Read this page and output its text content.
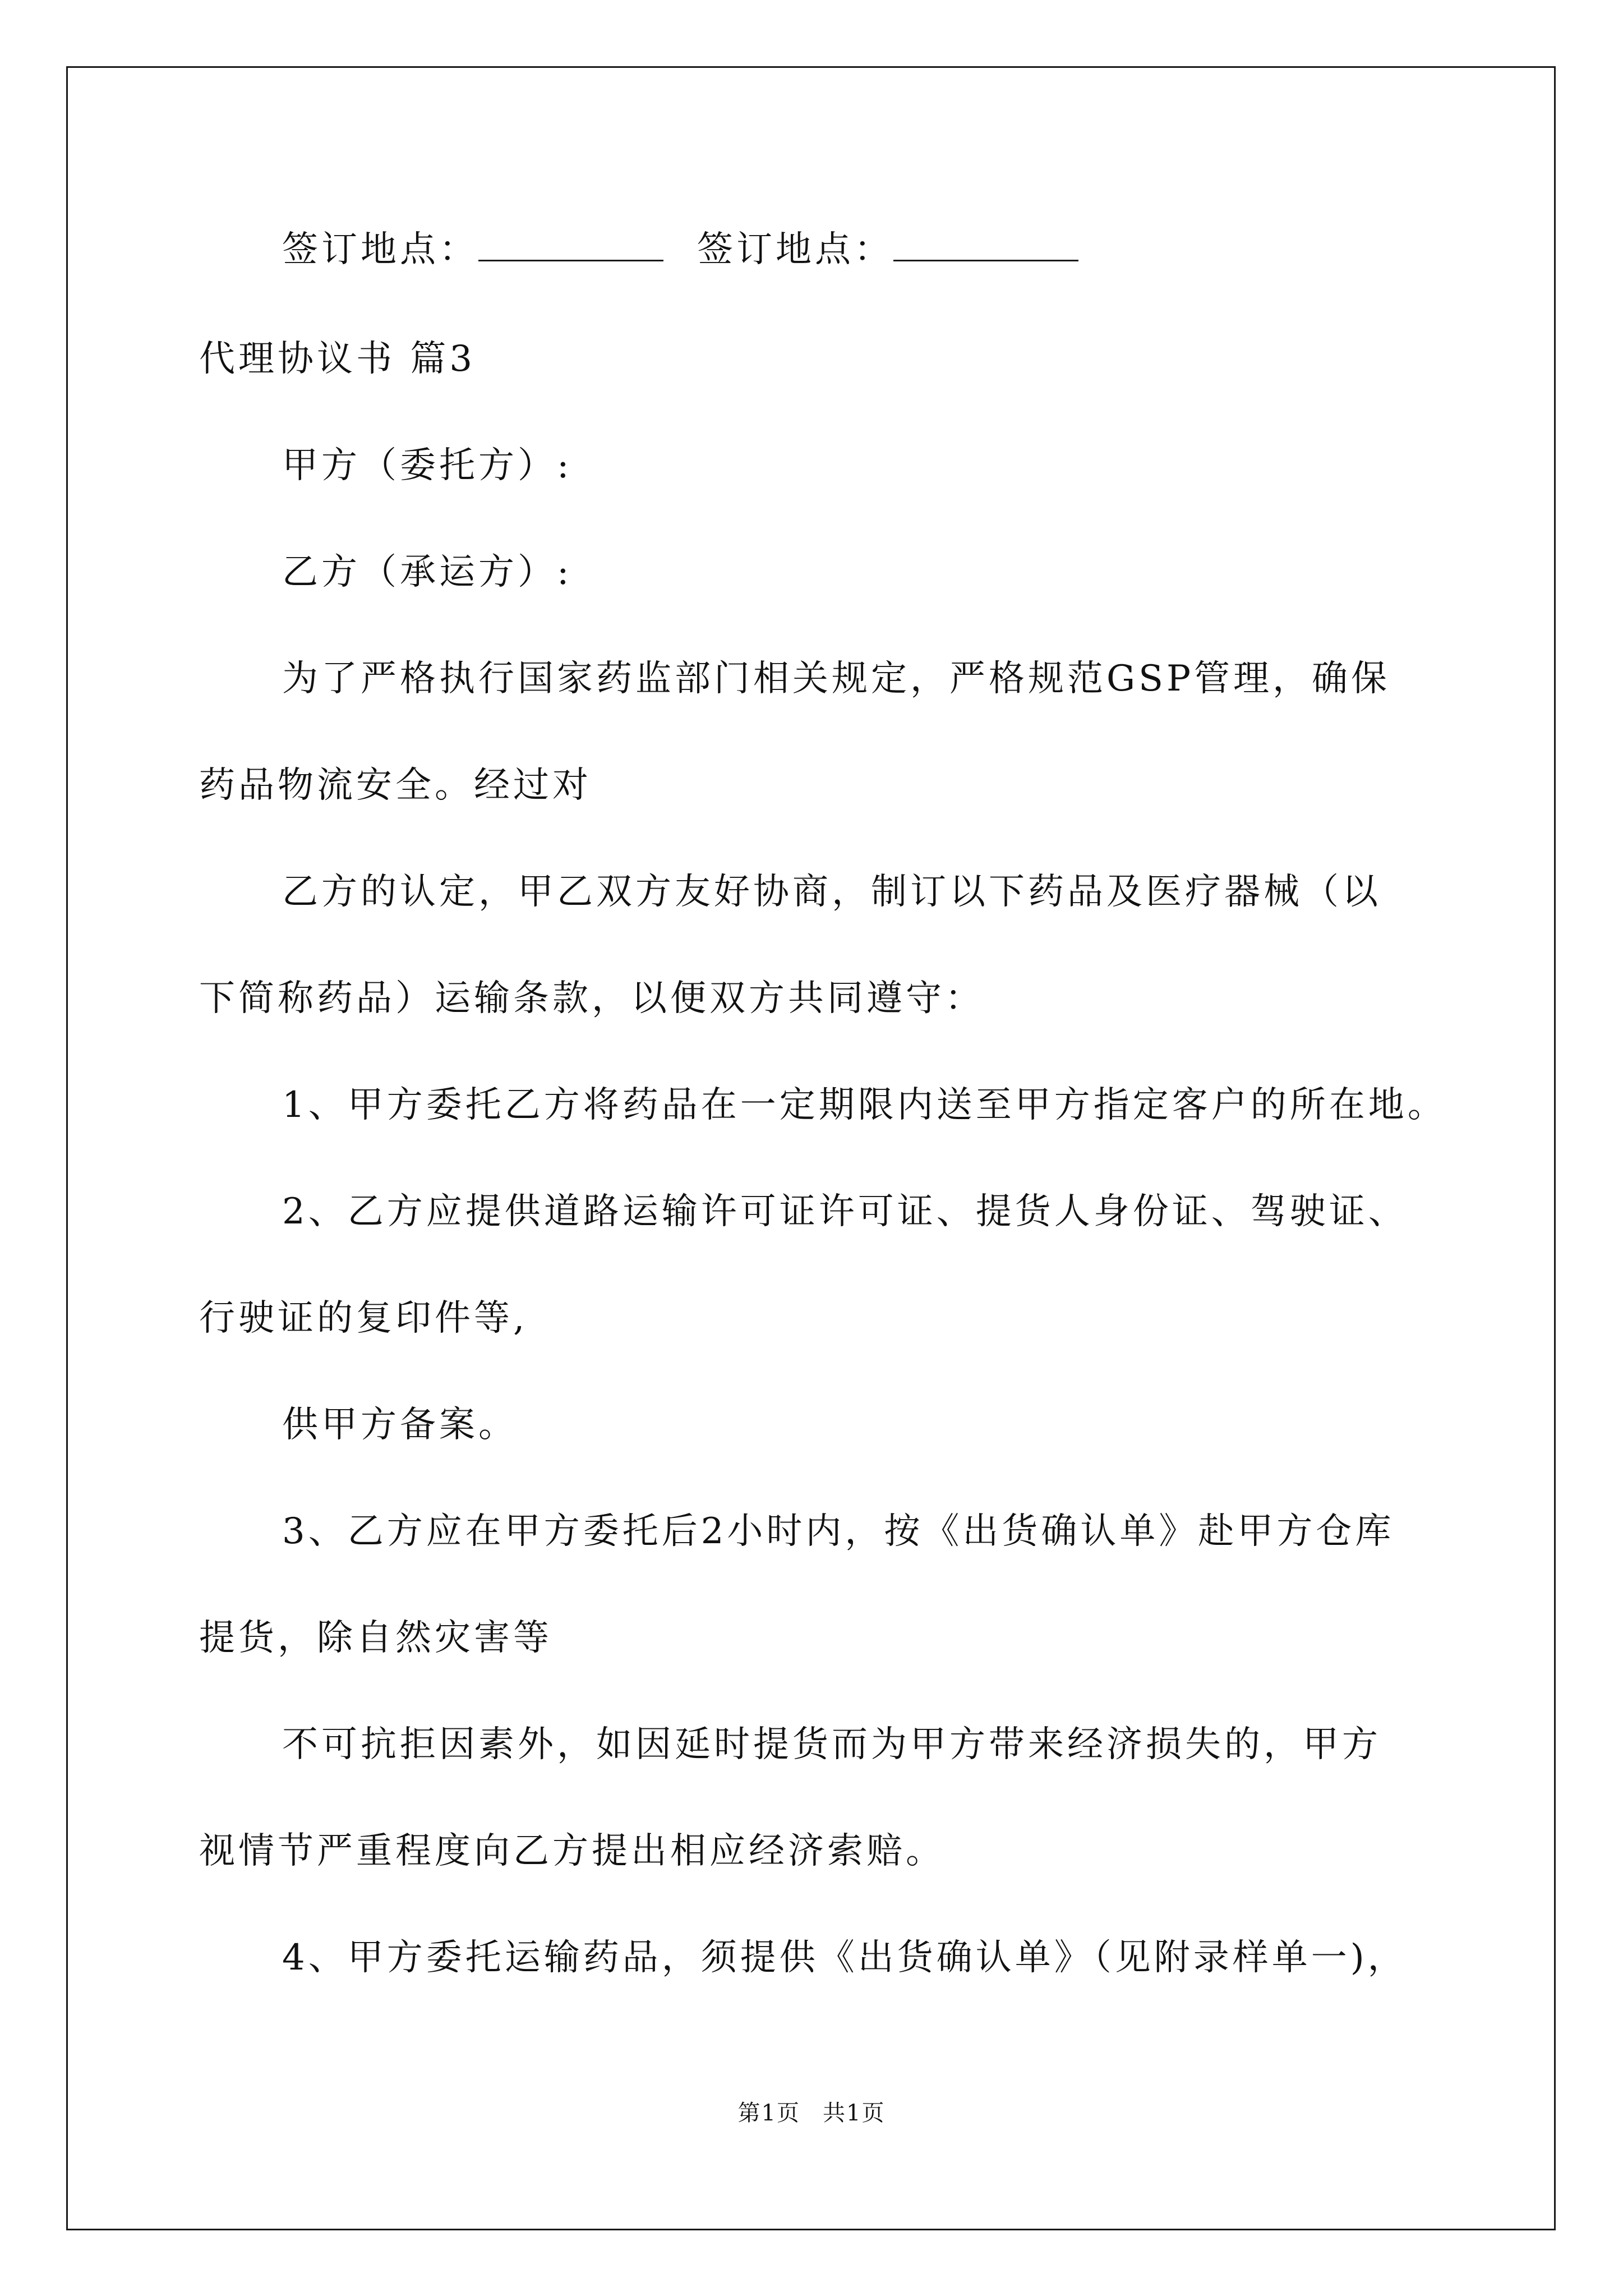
签订地点：	签订地点：
代理协议书 篇3
甲方（委托方）:
乙方（承运方）:
为了严格执行国家药监部门相关规定，严格规范GSP管理，确保
药品物流安全。经过对
乙方的认定，甲乙双方友好协商，制订以下药品及医疗器械（以
下简称药品）运输条款，以便双方共同遵守：
1、甲方委托乙方将药品在一定期限内送至甲方指定客户的所在地。
2、乙方应提供道路运输许可证许可证、提货人身份证、驾驶证、
行驶证的复印件等,
供甲方备案。
3、乙方应在甲方委托后2小时内，按《出货确认单》赴甲方仓库
提货，除自然灾害等
不可抗拒因素外，如因延时提货而为甲方带来经济损失的，甲方
视情节严重程度向乙方提出相应经济索赔。
4、甲方委托运输药品，须提供《出货确认单》（见附录样单一)，
第1页 共1页
